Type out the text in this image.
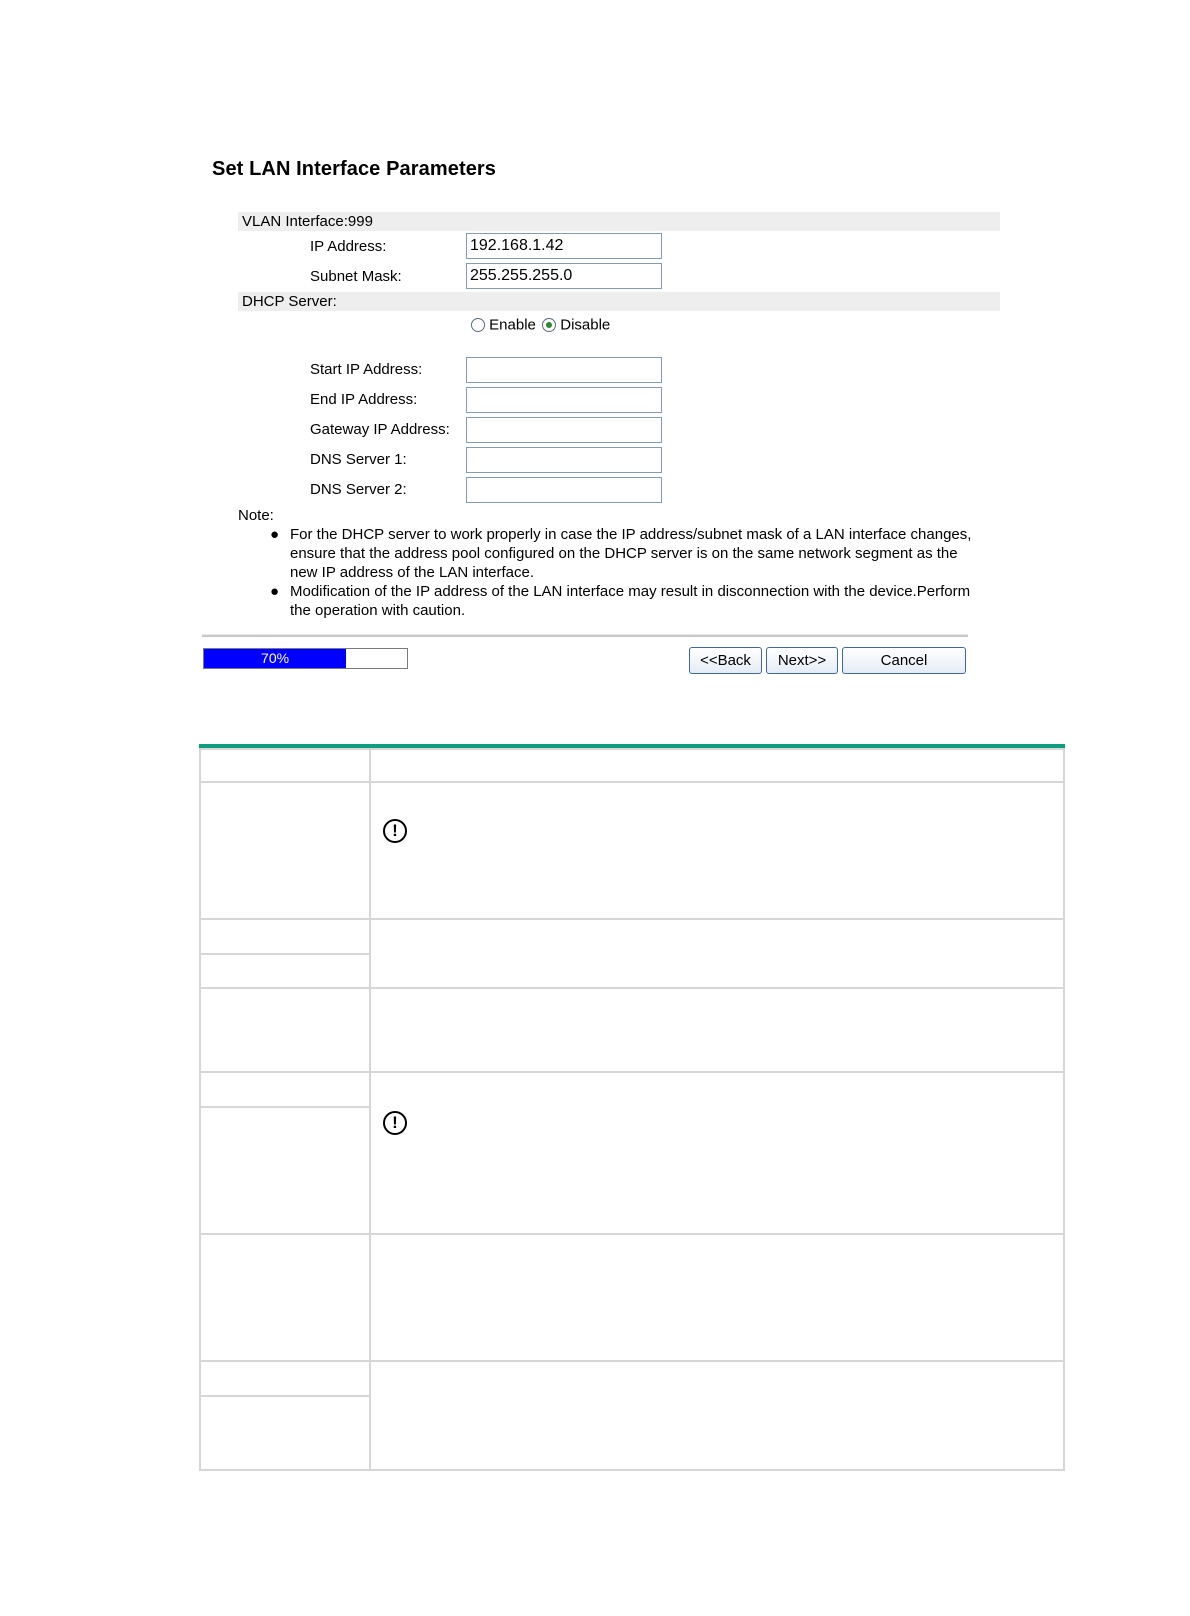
Set LAN Interface Parameters
VLAN Interface:999
IP Address:
192.168.1.42
Subnet Mask:
255.255.255.0
DHCP Server:
Enable Disable
Start IP Address:
End IP Address:
Gateway IP Address:
DNS Server 1:
DNS Server 2:
Note:
● For the DHCP server to work properly in case the IP address/subnet mask of a LAN interface changes,
ensure that the address pool configured on the DHCP server is on the same network segment as the
new IP address of the LAN interface.
● Modification of the IP address of the LAN interface may result in disconnection with the device.Perform
the operation with caution.
70%	<<Back	Next>>	Cancel
!
!
